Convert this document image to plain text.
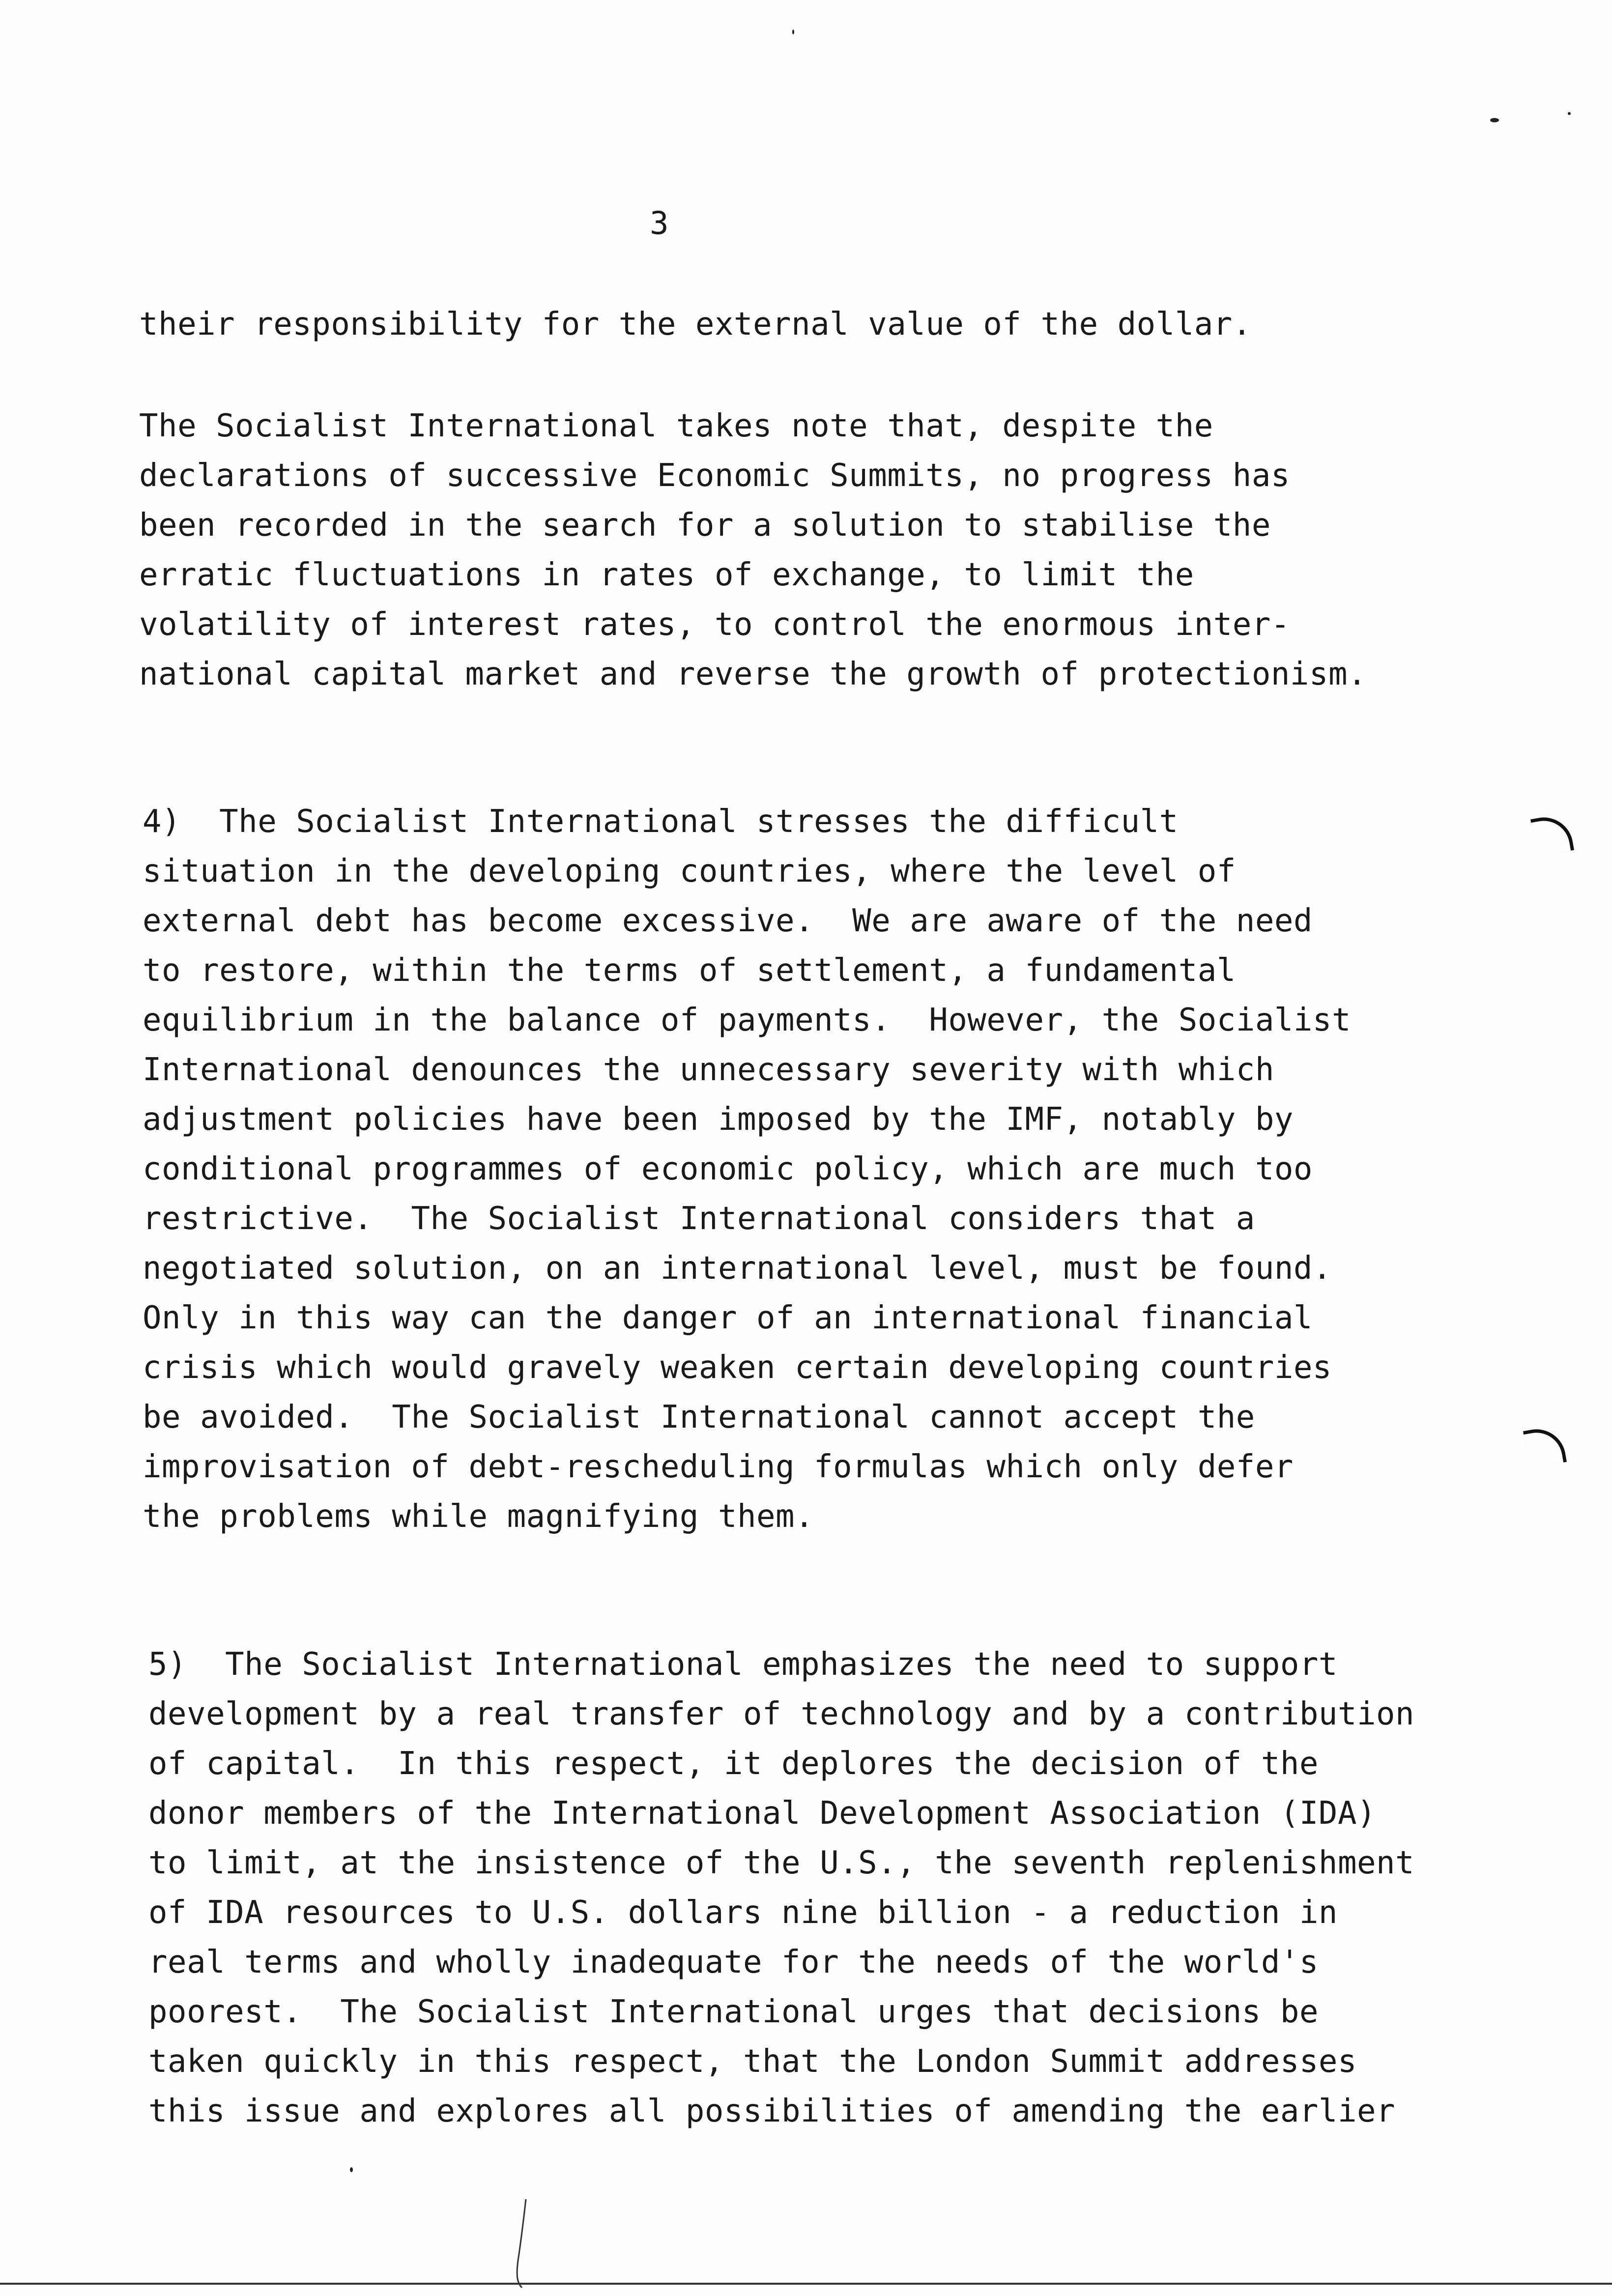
3
their responsibility for the external value of the dollar.
The Socialist International takes note that, despite the
declarations of successive Economic Summits, no progress has
been recorded in the search for a solution to stabilise the
erratic fluctuations in rates of exchange, to limit the
volatility of interest rates, to control the enormous inter-
national capital market and reverse the growth of protectionism.
4)  The Socialist International stresses the difficult
situation in the developing countries, where the level of
external debt has become excessive.  We are aware of the need
to restore, within the terms of settlement, a fundamental
equilibrium in the balance of payments.  However, the Socialist
International denounces the unnecessary severity with which
adjustment policies have been imposed by the IMF, notably by
conditional programmes of economic policy, which are much too
restrictive.  The Socialist International considers that a
negotiated solution, on an international level, must be found.
Only in this way can the danger of an international financial
crisis which would gravely weaken certain developing countries
be avoided.  The Socialist International cannot accept the
improvisation of debt-rescheduling formulas which only defer
the problems while magnifying them.
5)  The Socialist International emphasizes the need to support
development by a real transfer of technology and by a contribution
of capital.  In this respect, it deplores the decision of the
donor members of the International Development Association (IDA)
to limit, at the insistence of the U.S., the seventh replenishment
of IDA resources to U.S. dollars nine billion - a reduction in
real terms and wholly inadequate for the needs of the world's
poorest.  The Socialist International urges that decisions be
taken quickly in this respect, that the London Summit addresses
this issue and explores all possibilities of amending the earlier
